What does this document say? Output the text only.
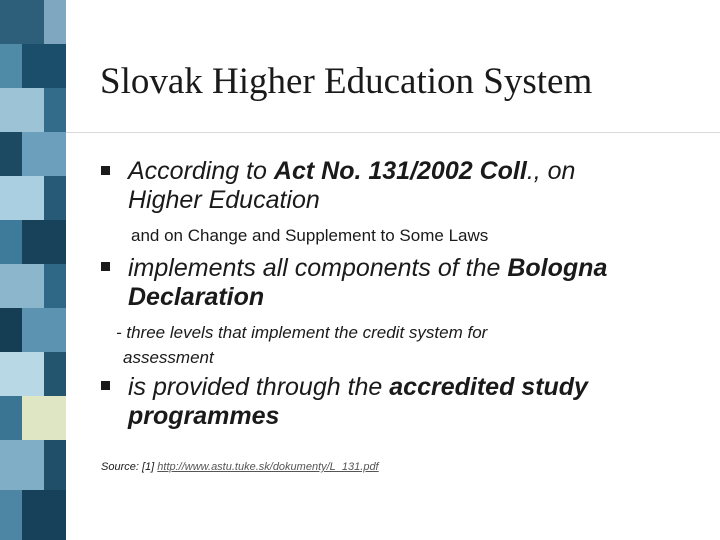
Slovak Higher Education System
According to Act No. 131/2002 Coll., on
Higher Education
and on Change and Supplement to Some Laws
implements all components of the Bologna
Declaration
- three levels that implement the credit system for
assessment
is provided through the accredited study
programmes
Source: [1] http://www.astu.tuke.sk/dokumenty/L_131.pdf
